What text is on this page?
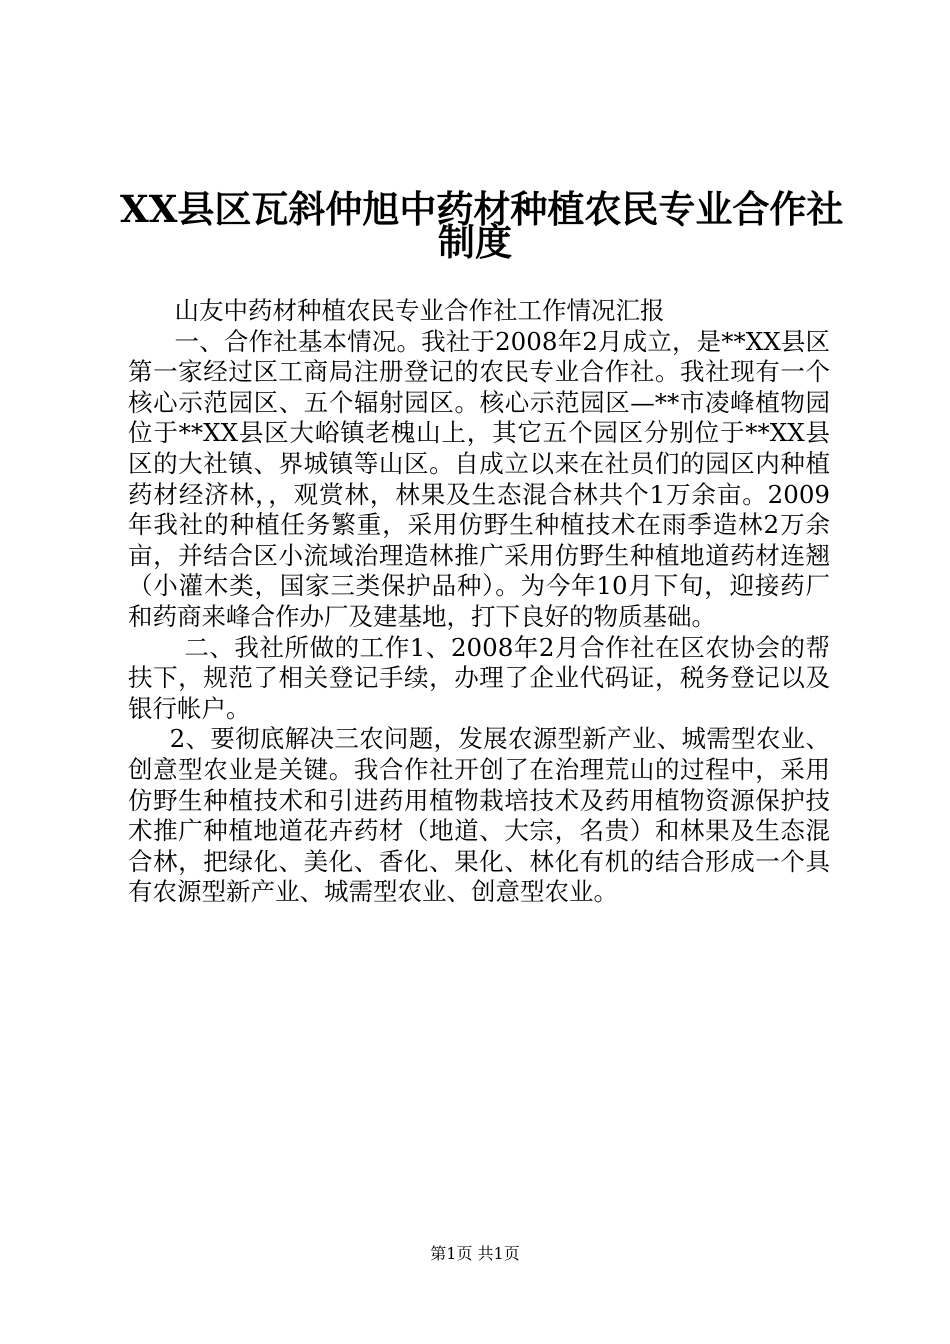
XX县区瓦斜仲旭中药材种植农民专业合作社
制度

山友中药材种植农民专业合作社工作情况汇报

一、合作社基本情况。我社于2008年2月成立，是**XX县区第一家经过区工商局注册登记的农民专业合作社。我社现有一个核心示范园区、五个辐射园区。核心示范园区—**市凌峰植物园位于**XX县区大峪镇老槐山上，其它五个园区分别位于**XX县区的大社镇、界城镇等山区。自成立以来在社员们的园区内种植药材经济林，，观赏林，林果及生态混合林共个1万余亩。2009年我社的种植任务繁重，采用仿野生种植技术在雨季造林2万余亩，并结合区小流域治理造林推广采用仿野生种植地道药材连翘（小灌木类，国家三类保护品种）。为今年10月下旬，迎接药厂和药商来峰合作办厂及建基地，打下良好的物质基础。

二、我社所做的工作1、2008年2月合作社在区农协会的帮扶下，规范了相关登记手续，办理了企业代码证，税务登记以及银行帐户。

2、要彻底解决三农问题，发展农源型新产业、城需型农业、创意型农业是关键。我合作社开创了在治理荒山的过程中，采用仿野生种植技术和引进药用植物栽培技术及药用植物资源保护技术推广种植地道花卉药材（地道、大宗，名贵）和林果及生态混合林，把绿化、美化、香化、果化、林化有机的结合形成一个具有农源型新产业、城需型农业、创意型农业。

第1页 共1页
